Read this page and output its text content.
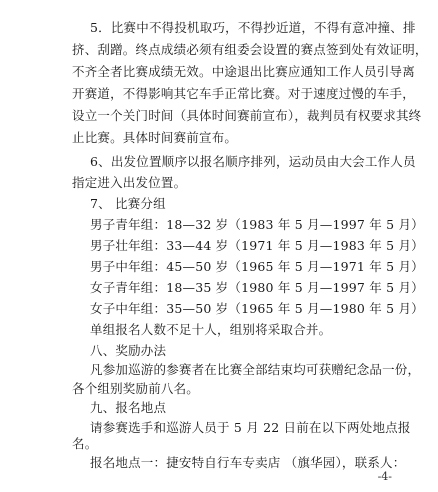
5．比赛中不得投机取巧，不得抄近道，不得有意冲撞、排
挤、刮蹭。终点成绩必须有组委会设置的赛点签到处有效证明，
不齐全者比赛成绩无效。中途退出比赛应通知工作人员引导离
开赛道，不得影响其它车手正常比赛。对于速度过慢的车手，
设立一个关门时间（具体时间赛前宣布），裁判员有权要求其终
止比赛。具体时间赛前宣布。
6、出发位置顺序以报名顺序排列，运动员由大会工作人员
指定进入出发位置。
7、 比赛分组
男子青年组：18—32 岁（1983 年 5 月—1997 年 5 月）
男子壮年组：33—44 岁（1971 年 5 月—1983 年 5 月）
男子中年组：45—50 岁（1965 年 5 月—1971 年 5 月）
女子青年组：18—35 岁（1980 年 5 月—1997 年 5 月）
女子中年组：35—50 岁（1965 年 5 月—1980 年 5 月）
单组报名人数不足十人，组别将采取合并。
八、奖励办法
凡参加巡游的参赛者在比赛全部结束均可获赠纪念品一份，
各个组别奖励前八名。
九、报名地点
请参赛选手和巡游人员于 5 月 22 日前在以下两处地点报
名。
报名地点一：捷安特自行车专卖店 （旗华园），联系人：
-4-
